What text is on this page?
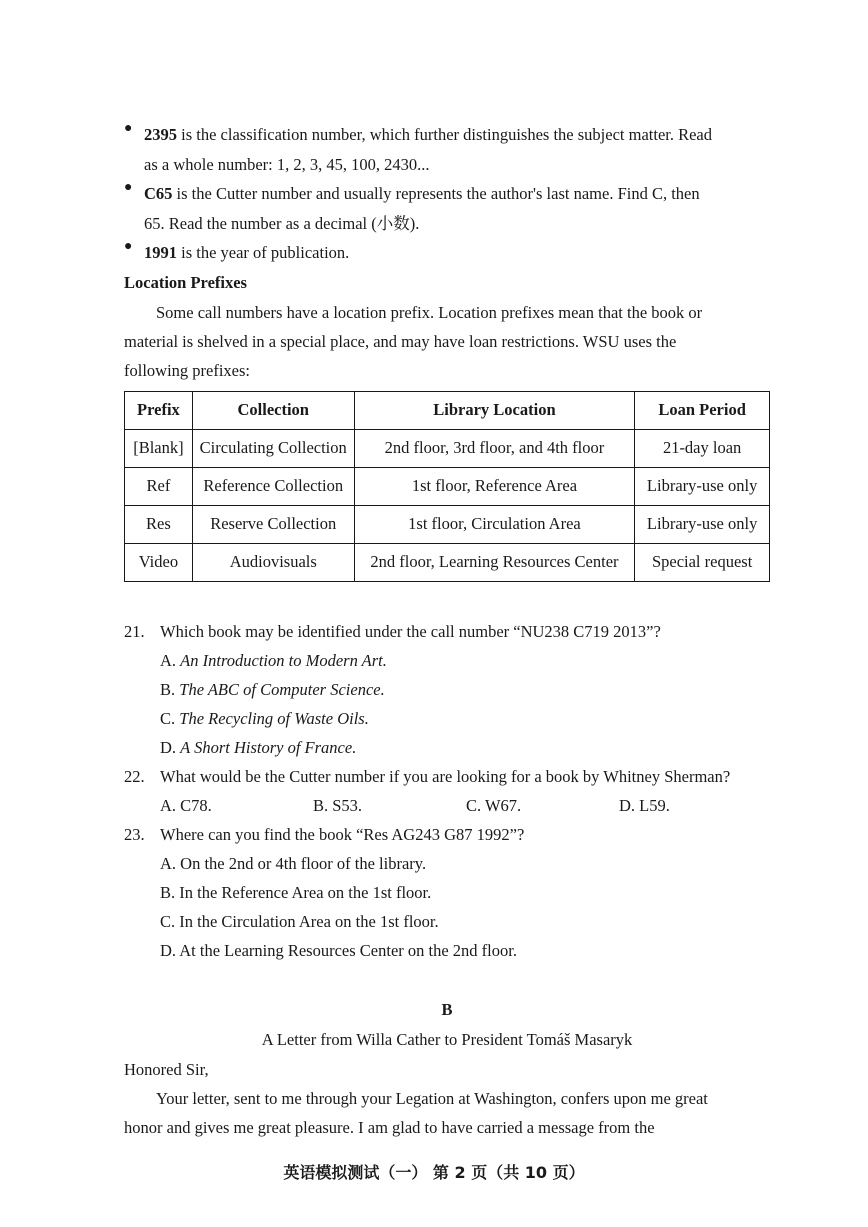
● 2395 is the classification number, which further distinguishes the subject matter. Read
as a whole number: 1, 2, 3, 45, 100, 2430...
● C65 is the Cutter number and usually represents the author's last name. Find C, then
65. Read the number as a decimal (小数).
● 1991 is the year of publication.
Location Prefixes
Some call numbers have a location prefix. Location prefixes mean that the book or
material is shelved in a special place, and may have loan restrictions. WSU uses the
following prefixes:
Prefix	Collection	Library Location	Loan Period
[Blank]	Circulating Collection	2nd floor, 3rd floor, and 4th floor	21-day loan
Ref	Reference Collection	1st floor, Reference Area	Library-use only
Res	Reserve Collection	1st floor, Circulation Area	Library-use only
Video	Audiovisuals	2nd floor, Learning Resources Center	Special request
21. Which book may be identified under the call number “NU238 C719 2013”?
A. An Introduction to Modern Art.
B. The ABC of Computer Science.
C. The Recycling of Waste Oils.
D. A Short History of France.
22. What would be the Cutter number if you are looking for a book by Whitney Sherman?
A. C78.	B. S53.	C. W67.	D. L59.
23. Where can you find the book “Res AG243 G87 1992”?
A. On the 2nd or 4th floor of the library.
B. In the Reference Area on the 1st floor.
C. In the Circulation Area on the 1st floor.
D. At the Learning Resources Center on the 2nd floor.
B
A Letter from Willa Cather to President Tomáš Masaryk
Honored Sir,
Your letter, sent to me through your Legation at Washington, confers upon me great
honor and gives me great pleasure. I am glad to have carried a message from the
英语模拟测试（一） 第 2 页（共 10 页）
